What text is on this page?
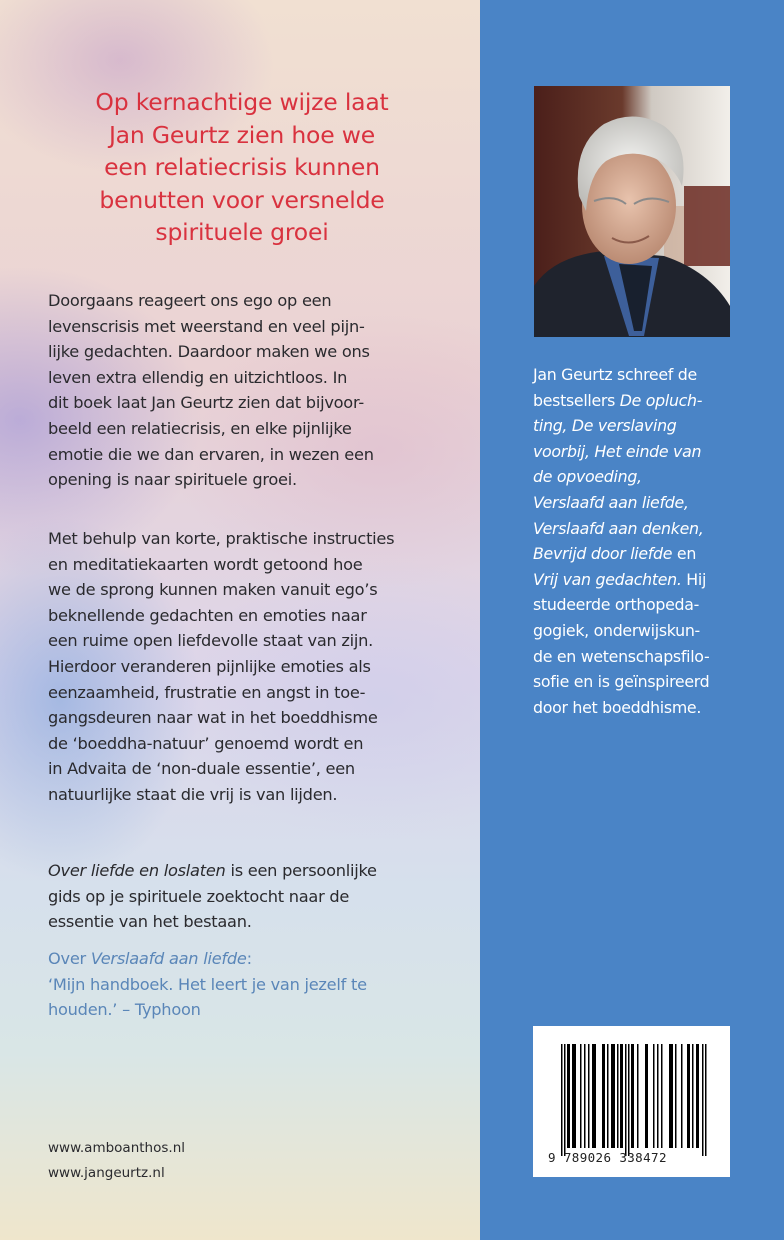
Op kernachtige wijze laat
Jan Geurtz zien hoe we
een relatiecrisis kunnen
benutten voor versnelde
spirituele groei
Doorgaans reageert ons ego op een
levenscrisis met weerstand en veel pijn-
lijke gedachten. Daardoor maken we ons
leven extra ellendig en uitzichtloos. In
dit boek laat Jan Geurtz zien dat bijvoor-
beeld een relatiecrisis, en elke pijnlijke
emotie die we dan ervaren, in wezen een
opening is naar spirituele groei.
Met behulp van korte, praktische instructies
en meditatiekaarten wordt getoond hoe
we de sprong kunnen maken vanuit ego’s
beknellende gedachten en emoties naar
een ruime open liefdevolle staat van zijn.
Hierdoor veranderen pijnlijke emoties als
eenzaamheid, frustratie en angst in toe-
gangsdeuren naar wat in het boeddhisme
de ‘boeddha-natuur’ genoemd wordt en
in Advaita de ‘non-duale essentie’, een
natuurlijke staat die vrij is van lijden.
Over liefde en loslaten is een persoonlijke
gids op je spirituele zoektocht naar de
essentie van het bestaan.
Over Verslaafd aan liefde:
‘Mijn handboek. Het leert je van jezelf te
houden.’ – Typhoon
www.amboanthos.nl
www.jangeurtz.nl
Jan Geurtz schreef de
bestsellers De opluch-
ting, De verslaving
voorbij, Het einde van
de opvoeding,
Verslaafd aan liefde,
Verslaafd aan denken,
Bevrijd door liefde en
Vrij van gedachten. Hij
studeerde orthopeda-
gogiek, onderwijskun-
de en wetenschapsfilo-
sofie en is geïnspireerd
door het boeddhisme.
9 789026 338472
